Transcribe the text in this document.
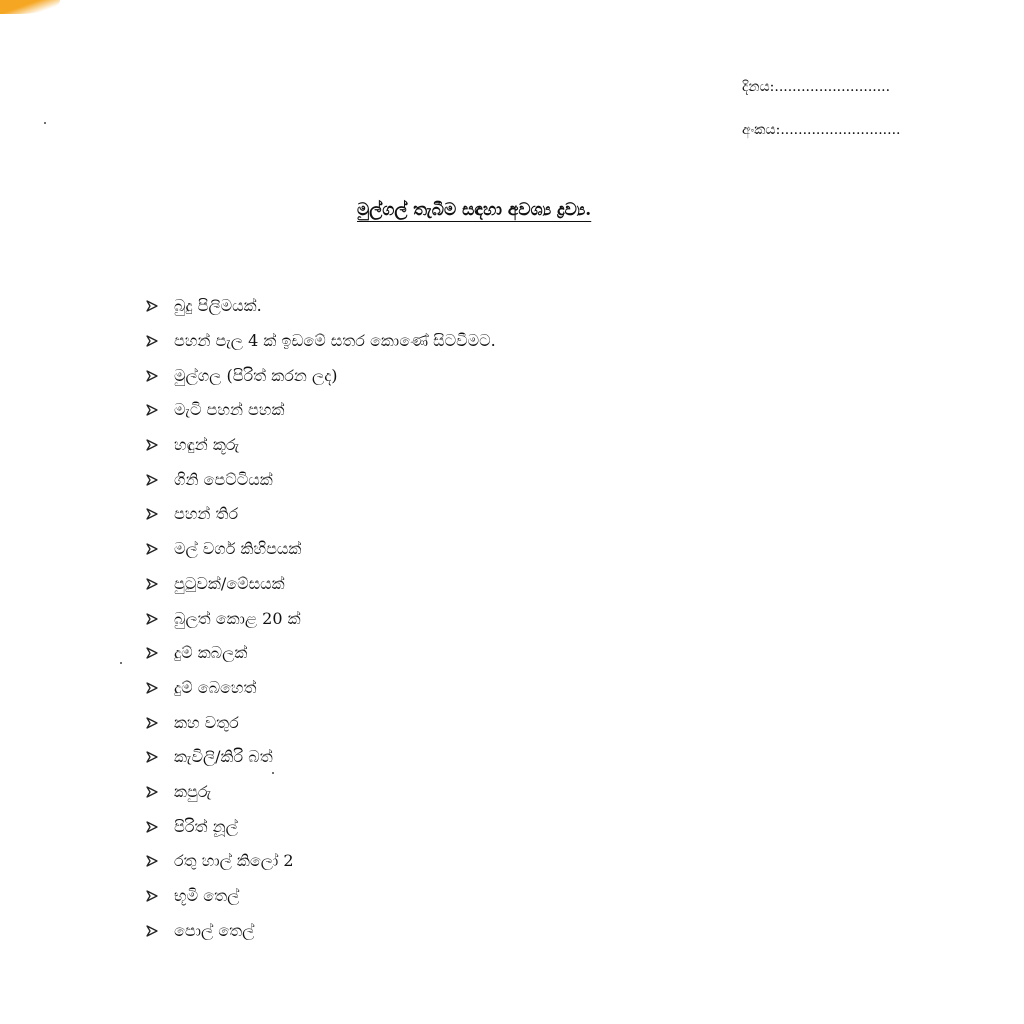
දිනය:..........................
අංකය:...........................
මුල්ගල් තැබීම සඳහා අවශ්‍ය ද්‍රව්‍ය.
බුදු පිලිමයක්.
පහන් පැල 4 ක් ඉඩමේ සතර කොණේ සිටවීමට.
මුල්ගල (පිරිත් කරන ලද)
මැටි පහන් පහක්
හඳුන් කූරු
ගිනි පෙට්ටියක්
පහන් තිර
මල් වර්ග කිහිපයක්
පුටුවක්/මේසයක්
බුලත් කොළ 20 ක්
දුම් කබලක්
දුම් බෙහෙත්
කහ වතුර
කැවිලි/කිරි බත්
කපුරු
පිරිත් නූල්
රතු හාල් කිලෝ 2
භූමි තෙල්
පොල් තෙල්
